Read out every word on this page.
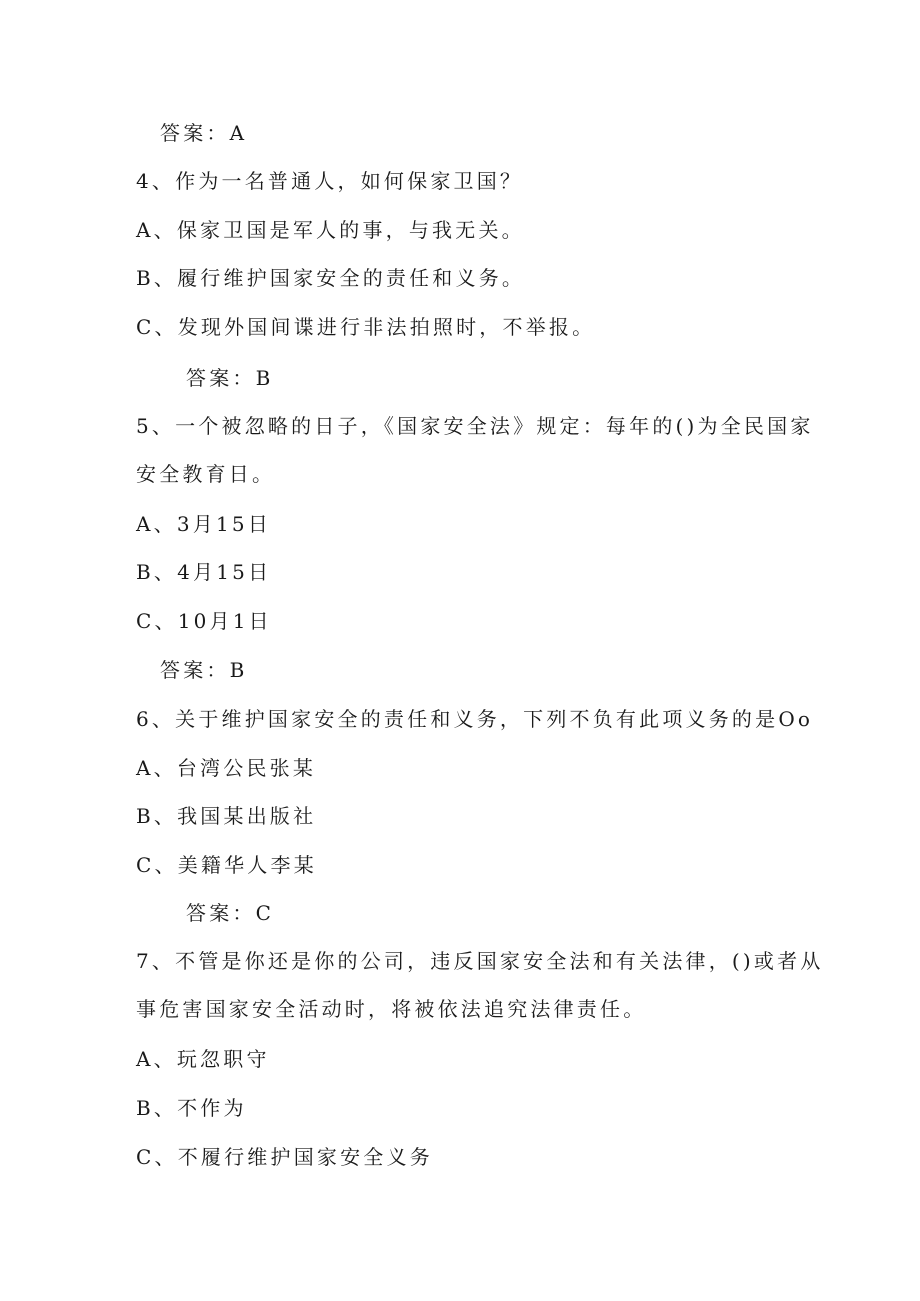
答案：A

4、作为一名普通人，如何保家卫国？

A、保家卫国是军人的事，与我无关。

B、履行维护国家安全的责任和义务。

C、发现外国间谍进行非法拍照时，不举报。

答案：B

5、一个被忽略的日子，《国家安全法》规定：每年的()为全民国家

安全教育日。

A、3月15日

B、4月15日

C、10月1日

答案：B

6、关于维护国家安全的责任和义务，下列不负有此项义务的是Oo

A、台湾公民张某

B、我国某出版社

C、美籍华人李某

答案：C

7、不管是你还是你的公司，违反国家安全法和有关法律，()或者从

事危害国家安全活动时，将被依法追究法律责任。

A、玩忽职守

B、不作为

C、不履行维护国家安全义务
